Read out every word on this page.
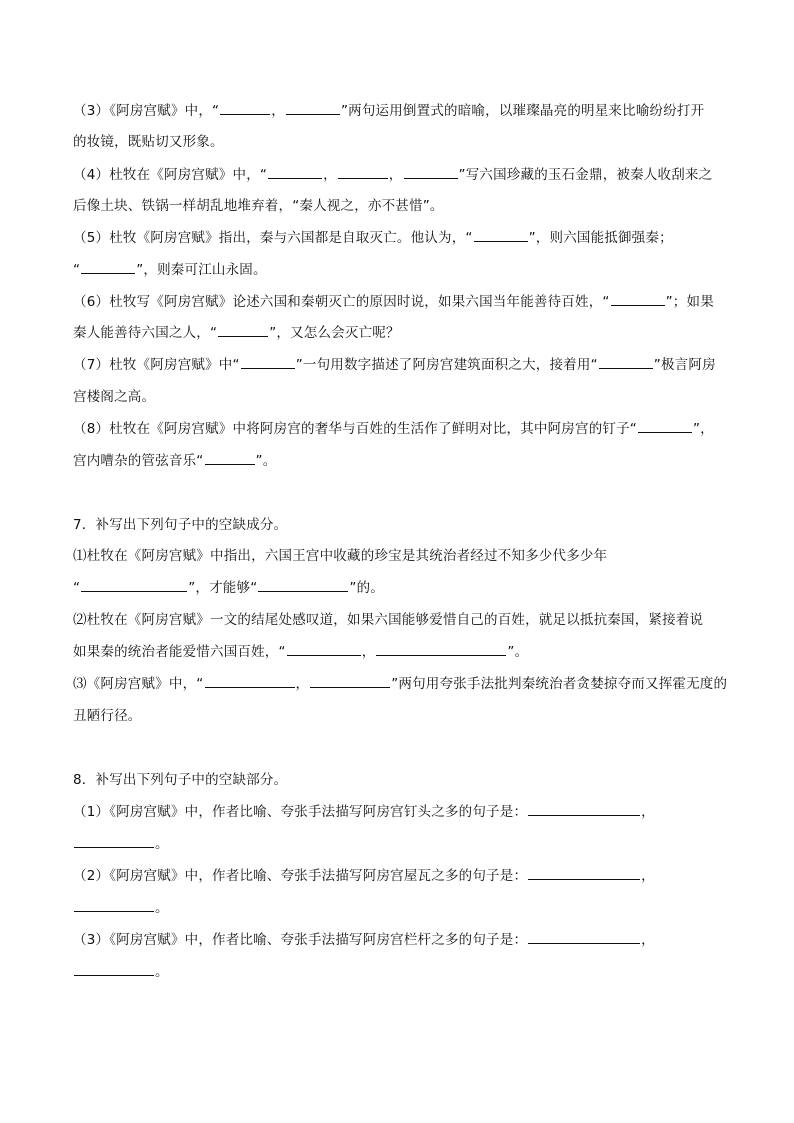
（3）《阿房宫赋》中，“	，	”两句运用倒置式的暗喻，以璀璨晶亮的明星来比喻纷纷打开
的妆镜，既贴切又形象。
（4）杜牧在《阿房宫赋》中，“	，	，	”写六国珍藏的玉石金鼎，被秦人收刮来之
后像土块、铁锅一样胡乱地堆弃着，“秦人视之，亦不甚惜”。
（5）杜牧《阿房宫赋》指出，秦与六国都是自取灭亡。他认为，“	”，则六国能抵御强秦；
“	”，则秦可江山永固。
（6）杜牧写《阿房宫赋》论述六国和秦朝灭亡的原因时说，如果六国当年能善待百姓，“	”；如果
秦人能善待六国之人，“	”，又怎么会灭亡呢？
（7）杜牧《阿房宫赋》中“	”一句用数字描述了阿房宫建筑面积之大，接着用“	”极言阿房
宫楼阁之高。
（8）杜牧在《阿房宫赋》中将阿房宫的奢华与百姓的生活作了鲜明对比，其中阿房宫的钉子“	”，
宫内嘈杂的管弦音乐“	”。
7．补写出下列句子中的空缺成分。
⑴杜牧在《阿房宫赋》中指出，六国王宫中收藏的珍宝是其统治者经过不知多少代多少年
“	”，才能够“	”的。
⑵杜牧在《阿房宫赋》一文的结尾处感叹道，如果六国能够爱惜自己的百姓，就足以抵抗秦国，紧接着说
如果秦的统治者能爱惜六国百姓，“	，	”。
⑶《阿房宫赋》中，“	，	”两句用夸张手法批判秦统治者贪婪掠夺而又挥霍无度的
丑陋行径。
8．补写出下列句子中的空缺部分。
（1）《阿房宫赋》中，作者比喻、夸张手法描写阿房宫钉头之多的句子是：	，
。
（2）《阿房宫赋》中，作者比喻、夸张手法描写阿房宫屋瓦之多的句子是：	，
。
（3）《阿房宫赋》中，作者比喻、夸张手法描写阿房宫栏杆之多的句子是：	，
。
